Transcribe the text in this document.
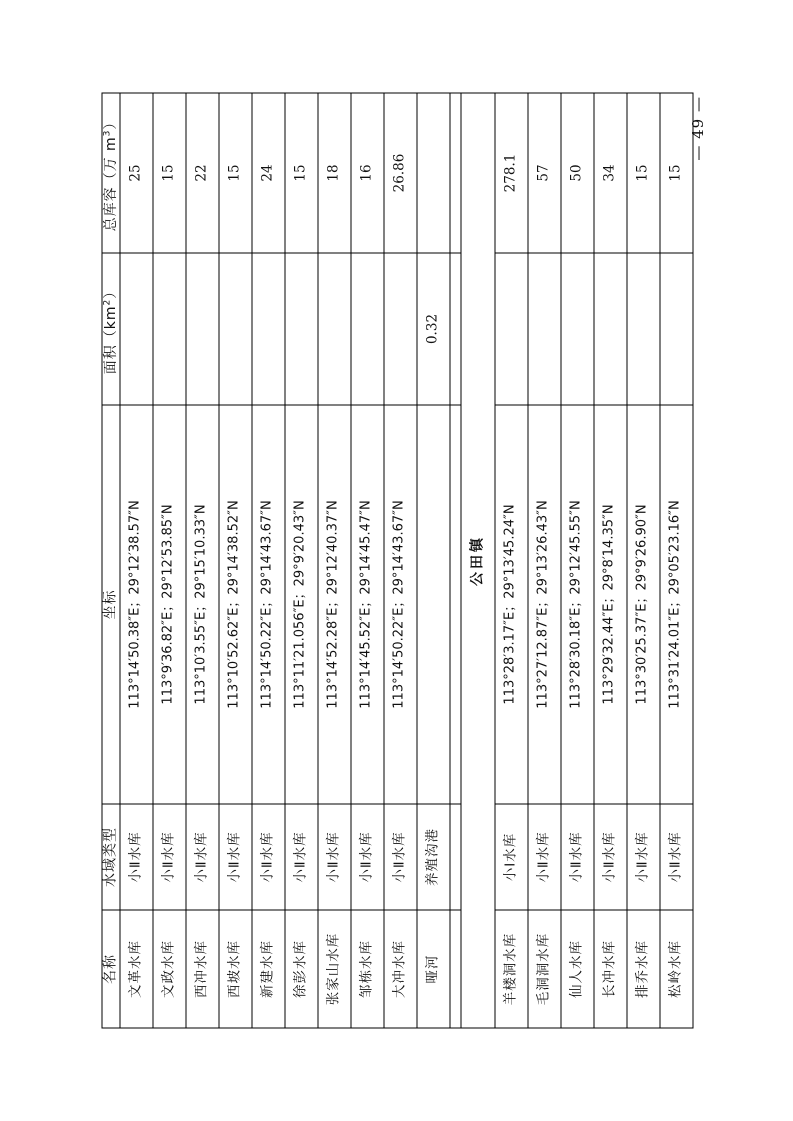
— 49 —
名称	水域类型	坐标	面积$(km^2)$	总库容（万 $m^3$）
文革水库	小Ⅱ水库	113°14′50.38″E；29°12′38.57″N		25
文政水库	小Ⅱ水库	113°9′36.82″E；29°12′53.85″N		15
西冲水库	小Ⅱ水库	113°10′3.55″E；29°15′10.33″N		22
西坡水库	小Ⅱ水库	113°10′52.62″E；29°14′38.52″N		15
新建水库	小Ⅱ水库	113°14′50.22″E；29°14′43.67″N		24
徐彭水库	小Ⅱ水库	113°11′21.056″E；29°9′20.43″N		15
张家山水库	小Ⅱ水库	113°14′52.28″E；29°12′40.37″N		18
邹栋水库	小Ⅱ水库	113°14′45.52″E；29°14′45.47″N		16
大冲水库	小Ⅱ水库	113°14′50.22″E；29°14′43.67″N		26.86
哑河	养殖沟港		0.32	

公田镇				
羊楼洞水库	小Ⅰ水库	113°28′3.17″E；29°13′45.24″N		278.1
毛洞洞水库	小Ⅱ水库	113°27′12.87″E；29°13′26.43″N		57
仙人水库	小Ⅱ水库	113°28′30.18″E；29°12′45.55″N		50
长冲水库	小Ⅱ水库	113°29′32.44″E；29°8′14.35″N		34
排乔水库	小Ⅱ水库	113°30′25.37″E；29°9′26.90″N		15
松岭水库	小Ⅱ水库	113°31′24.01″E；29°05′23.16″N		15
